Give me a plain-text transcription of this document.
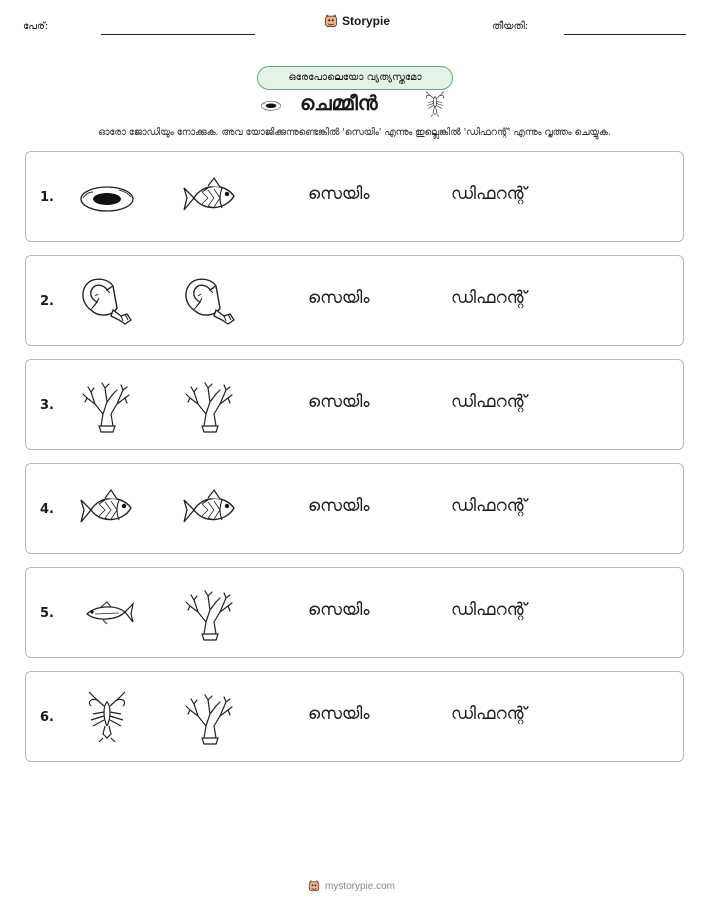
പേര്:	Storypie	തീയതി:
ഒരേപോലെയോ വ്യത്യസ്തമോ
ചെമ്മീൻ
ഓരോ ജോഡിയും നോക്കുക. അവ യോജിക്കുന്നുണ്ടെങ്കിൽ 'സെയിം' എന്നും ഇല്ലെങ്കിൽ 'ഡിഫറന്റ്' എന്നും വൃത്തം ചെയ്യുക.
1.	സെയിം	ഡിഫറന്റ്
2.	സെയിം	ഡിഫറന്റ്
3.	സെയിം	ഡിഫറന്റ്
4.	സെയിം	ഡിഫറന്റ്
5.	സെയിം	ഡിഫറന്റ്
6.	സെയിം	ഡിഫറന്റ്
mystorypie.com
